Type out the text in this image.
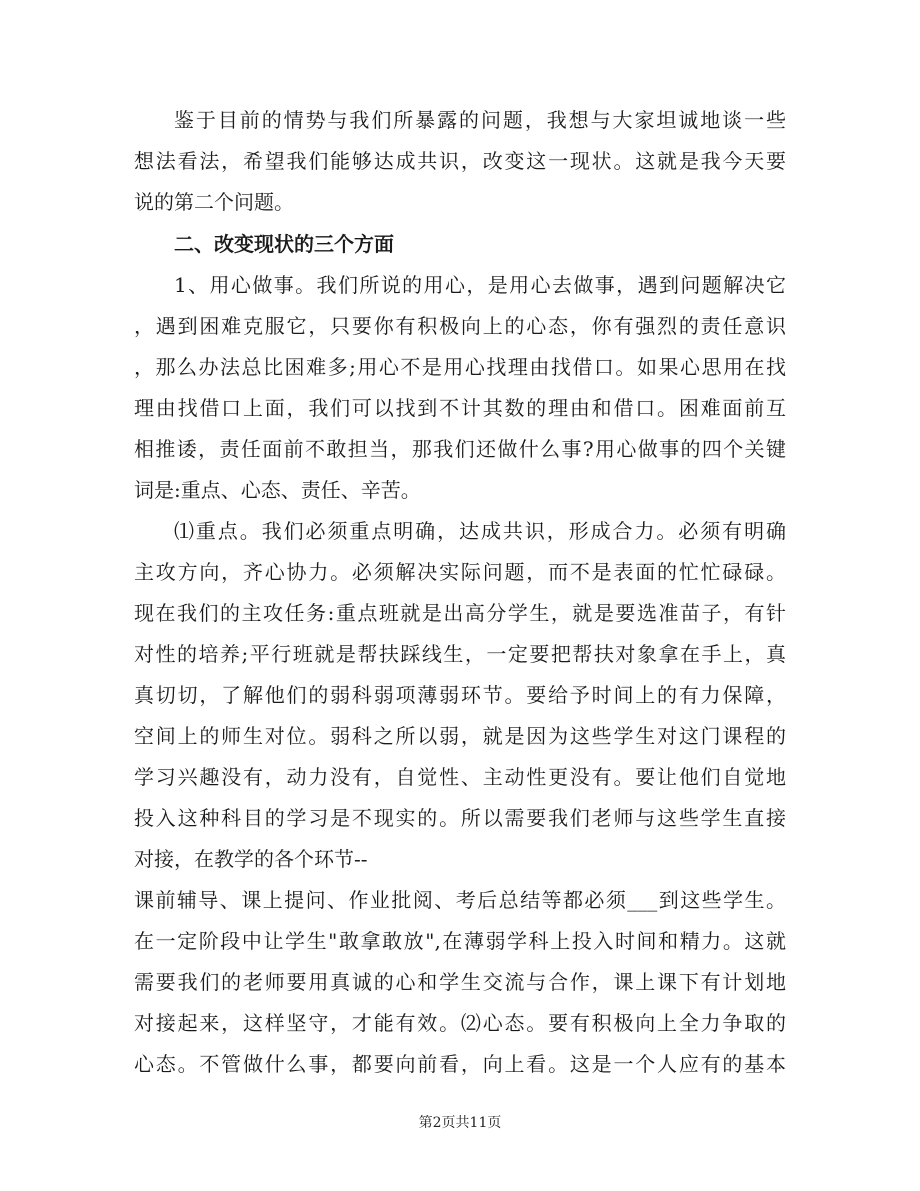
鉴于目前的情势与我们所暴露的问题，我想与大家坦诚地谈一些
想法看法，希望我们能够达成共识，改变这一现状。这就是我今天要
说的第二个问题。
二、改变现状的三个方面
1、用心做事。我们所说的用心，是用心去做事，遇到问题解决它
，遇到困难克服它，只要你有积极向上的心态，你有强烈的责任意识
，那么办法总比困难多;用心不是用心找理由找借口。如果心思用在找
理由找借口上面，我们可以找到不计其数的理由和借口。困难面前互
相推诿，责任面前不敢担当，那我们还做什么事?用心做事的四个关键
词是:重点、心态、责任、辛苦。
⑴重点。我们必须重点明确，达成共识，形成合力。必须有明确
主攻方向，齐心协力。必须解决实际问题，而不是表面的忙忙碌碌。
现在我们的主攻任务:重点班就是出高分学生，就是要选准苗子，有针
对性的培养;平行班就是帮扶踩线生，一定要把帮扶对象拿在手上，真
真切切，了解他们的弱科弱项薄弱环节。要给予时间上的有力保障，
空间上的师生对位。弱科之所以弱，就是因为这些学生对这门课程的
学习兴趣没有，动力没有，自觉性、主动性更没有。要让他们自觉地
投入这种科目的学习是不现实的。所以需要我们老师与这些学生直接
对接，在教学的各个环节--
课前辅导、课上提问、作业批阅、考后总结等都必须___到这些学生。
在一定阶段中让学生"敢拿敢放",在薄弱学科上投入时间和精力。这就
需要我们的老师要用真诚的心和学生交流与合作，课上课下有计划地
对接起来，这样坚守，才能有效。⑵心态。要有积极向上全力争取的
心态。不管做什么事，都要向前看，向上看。这是一个人应有的基本
第2页共11页
